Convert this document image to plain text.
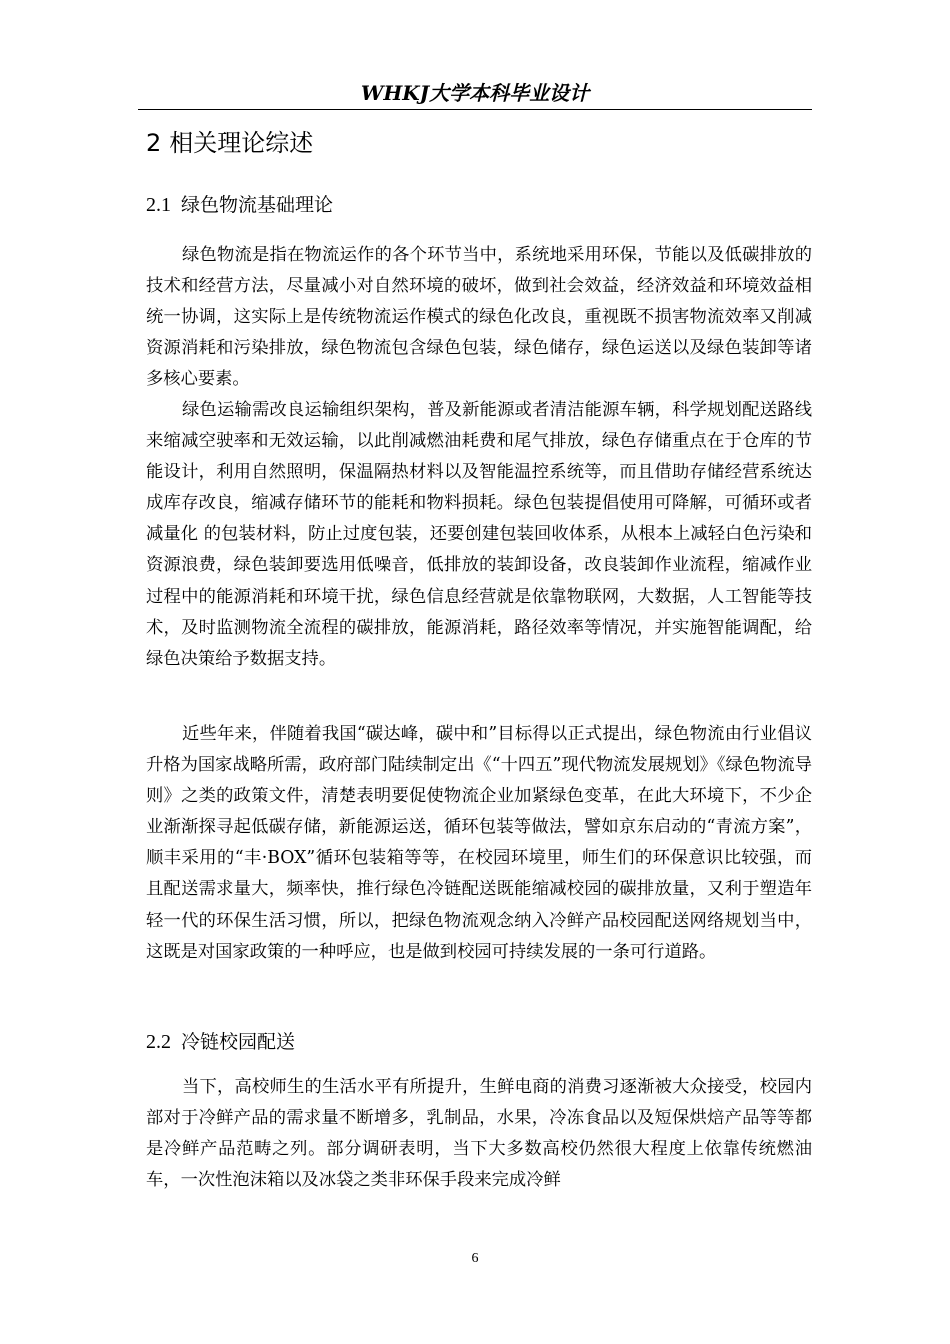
WHKJ大学本科毕业设计
2 相关理论综述
2.1 绿色物流基础理论

绿色物流是指在物流运作的各个环节当中，系统地采用环保，节能以及低碳排放的技术和经营方法，尽量减小对自然环境的破坏，做到社会效益，经济效益和环境效益相统一协调，这实际上是传统物流运作模式的绿色化改良，重视既不损害物流效率又削减资源消耗和污染排放，绿色物流包含绿色包装，绿色储存，绿色运送以及绿色装卸等诸多核心要素。

绿色运输需改良运输组织架构，普及新能源或者清洁能源车辆，科学规划配送路线来缩减空驶率和无效运输，以此削减燃油耗费和尾气排放，绿色存储重点在于仓库的节能设计，利用自然照明，保温隔热材料以及智能温控系统等，而且借助存储经营系统达成库存改良，缩减存储环节的能耗和物料损耗。绿色包装提倡使用可降解，可循环或者减量化 的包装材料，防止过度包装，还要创建包装回收体系，从根本上减轻白色污染和资源浪费，绿色装卸要选用低噪音，低排放的装卸设备，改良装卸作业流程，缩减作业过程中的能源消耗和环境干扰，绿色信息经营就是依靠物联网，大数据，人工智能等技术，及时监测物流全流程的碳排放，能源消耗，路径效率等情况，并实施智能调配，给绿色决策给予数据支持。

近些年来，伴随着我国“碳达峰，碳中和”目标得以正式提出，绿色物流由行业倡议升格为国家战略所需，政府部门陆续制定出《“十四五”现代物流发展规划》《绿色物流导则》之类的政策文件，清楚表明要促使物流企业加紧绿色变革，在此大环境下，不少企业渐渐探寻起低碳存储，新能源运送，循环包装等做法，譬如京东启动的“青流方案”，顺丰采用的“丰·BOX”循环包装箱等等，在校园环境里，师生们的环保意识比较强，而且配送需求量大，频率快，推行绿色冷链配送既能缩减校园的碳排放量，又利于塑造年轻一代的环保生活习惯，所以，把绿色物流观念纳入冷鲜产品校园配送网络规划当中，这既是对国家政策的一种呼应，也是做到校园可持续发展的一条可行道路。

2.2 冷链校园配送

当下，高校师生的生活水平有所提升，生鲜电商的消费习逐渐被大众接受，校园内部对于冷鲜产品的需求量不断增多，乳制品，水果，冷冻食品以及短保烘焙产品等等都是冷鲜产品范畴之列。部分调研表明，当下大多数高校仍然很大程度上依靠传统燃油车，一次性泡沫箱以及冰袋之类非环保手段来完成冷鲜

6
